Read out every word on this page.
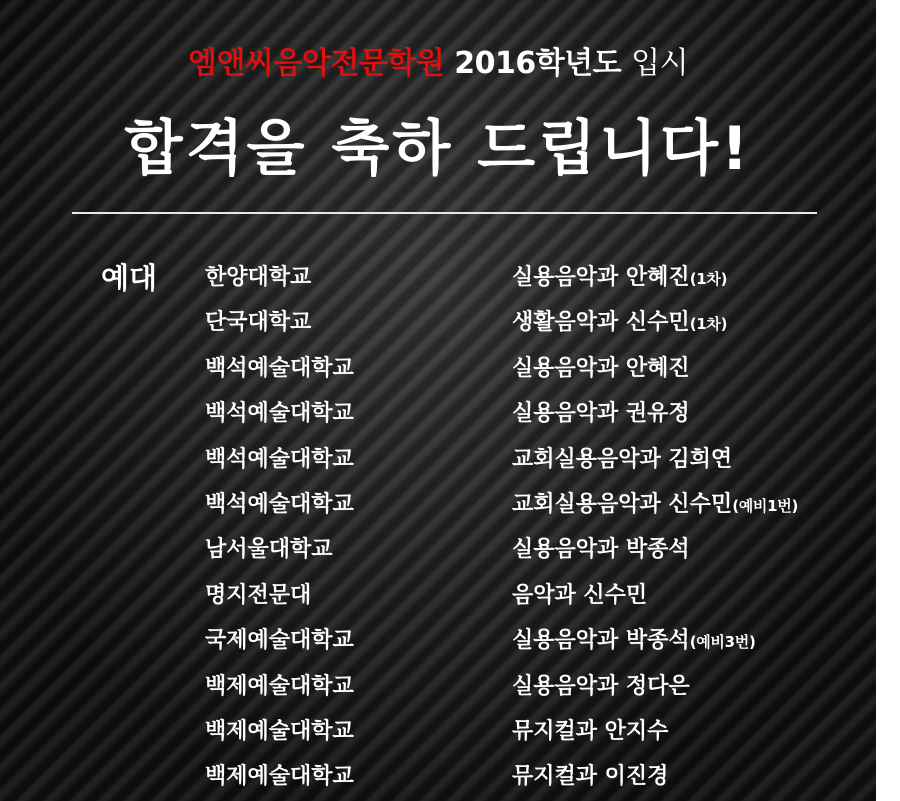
엠앤씨음악전문학원 2016학년도 입시
합격을 축하 드립니다!
예대 한양대학교	실용음악과 안혜진(1차)
단국대학교	생활음악과 신수민(1차)
백석예술대학교	실용음악과 안혜진
백석예술대학교	실용음악과 권유정
백석예술대학교	교회실용음악과 김희연
백석예술대학교	교회실용음악과 신수민(예비1번)
남서울대학교	실용음악과 박종석
명지전문대	음악과 신수민
국제예술대학교	실용음악과 박종석(예비3번)
백제예술대학교	실용음악과 정다은
백제예술대학교	뮤지컬과 안지수
백제예술대학교	뮤지컬과 이진경
